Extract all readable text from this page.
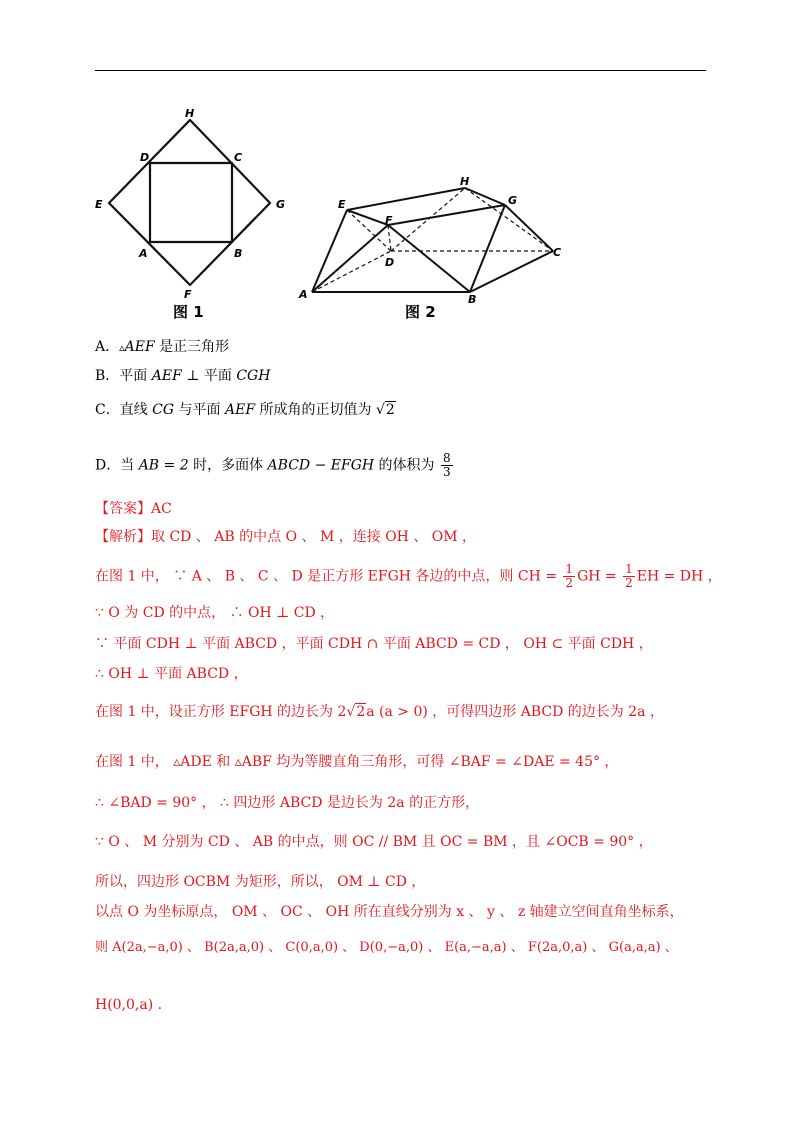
H
D	C
E	G
A	B
F
图 1
H
E	G
F
D
C
A	B
图 2
A．▵AEF 是正三角形
B．平面 AEF ⊥ 平面 CGH
C．直线 CG 与平面 AEF 所成角的正切值为 √2
D．当 AB = 2 时，多面体 ABCD − EFGH 的体积为 $\frac{8}{3}$
【答案】AC
【解析】取 CD 、 AB 的中点 O 、 M ，连接 OH 、 OM ，
在图 1 中， ∵ A 、 B 、 C 、 D 是正方形 EFGH 各边的中点，则 CH = $\frac{1}{2}$ GH = $\frac{1}{2}$ EH = DH ，
∵ O 为 CD 的中点， ∴ OH ⊥ CD ，
∵ 平面 CDH ⊥ 平面 ABCD ，平面 CDH ∩ 平面 ABCD = CD ， OH ⊂ 平面 CDH ，
∴ OH ⊥ 平面 ABCD ，
在图 1 中，设正方形 EFGH 的边长为 2√2a (a > 0) ，可得四边形 ABCD 的边长为 2a ，
在图 1 中， ▵ADE 和 ▵ABF 均为等腰直角三角形，可得 ∠BAF = ∠DAE = 45° ，
∴ ∠BAD = 90° ， ∴ 四边形 ABCD 是边长为 2a 的正方形，
∵ O 、 M 分别为 CD 、 AB 的中点，则 OC // BM 且 OC = BM ，且 ∠OCB = 90° ，
所以，四边形 OCBM 为矩形，所以， OM ⊥ CD ，
以点 O 为坐标原点， OM 、 OC 、 OH 所在直线分别为 x 、 y 、 z 轴建立空间直角坐标系，
则 A(2a,−a,0) 、 B(2a,a,0) 、 C(0,a,0) 、 D(0,−a,0) 、 E(a,−a,a) 、 F(2a,0,a) 、 G(a,a,a) 、
H(0,0,a) .
